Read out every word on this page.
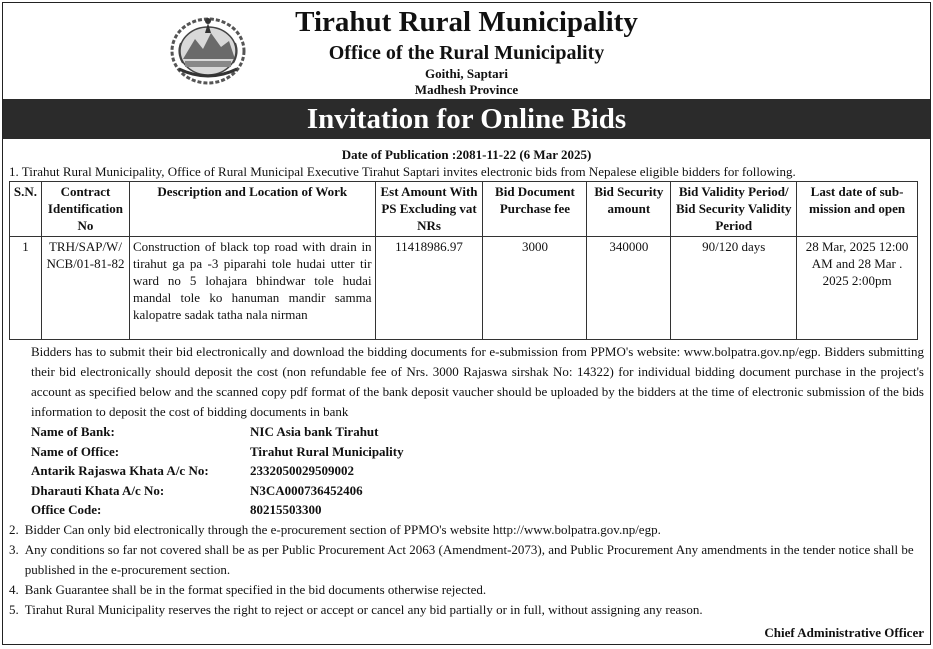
Tirahut Rural Municipality
Office of the Rural Municipality
Goithi, Saptari
Madhesh Province
Invitation for Online Bids
Date of Publication :2081-11-22 (6 Mar 2025)
1. Tirahut Rural Municipality, Office of Rural Municipal Executive Tirahut Saptari invites electronic bids from Nepalese eligible bidders for following.
S.N.	Contract Identification No	Description and Location of Work	Est Amount With PS Excluding vat NRs	Bid Document Purchase fee	Bid Security amount	Bid Validity Period/ Bid Security Validity Period	Last date of sub-mission and open
1	TRH/SAP/W/ NCB/01-81-82	Construction of black top road with drain in tirahut ga pa -3 piparahi tole hudai utter tir ward no 5 lohajara bhindwar tole hudai mandal tole ko hanuman mandir samma kalopatre sadak tatha nala nirman	11418986.97	3000	340000	90/120 days	28 Mar, 2025 12:00 AM and 28 Mar . 2025 2:00pm
Bidders has to submit their bid electronically and download the bidding documents for e-submission from PPMO's website: www.bolpatra.gov.np/egp. Bidders submitting their bid electronically should deposit the cost (non refundable fee of Nrs. 3000 Rajaswa sirshak No: 14322) for individual bidding document purchase in the project's account as specified below and the scanned copy pdf format of the bank deposit vaucher should be uploaded by the bidders at the time of electronic submission of the bids information to deposit the cost of bidding documents in bank
Name of Bank:	NIC Asia bank Tirahut
Name of Office:	Tirahut Rural Municipality
Antarik Rajaswa Khata A/c No:	2332050029509002
Dharauti Khata A/c No:	N3CA000736452406
Office Code:	80215503300
2. Bidder Can only bid electronically through the e-procurement section of PPMO's website http://www.bolpatra.gov.np/egp.
3. Any conditions so far not covered shall be as per Public Procurement Act 2063 (Amendment-2073), and Public Procurement Any amendments in the tender notice shall be published in the e-procurement section.
4. Bank Guarantee shall be in the format specified in the bid documents otherwise rejected.
5. Tirahut Rural Municipality reserves the right to reject or accept or cancel any bid partially or in full, without assigning any reason.
Chief Administrative Officer
